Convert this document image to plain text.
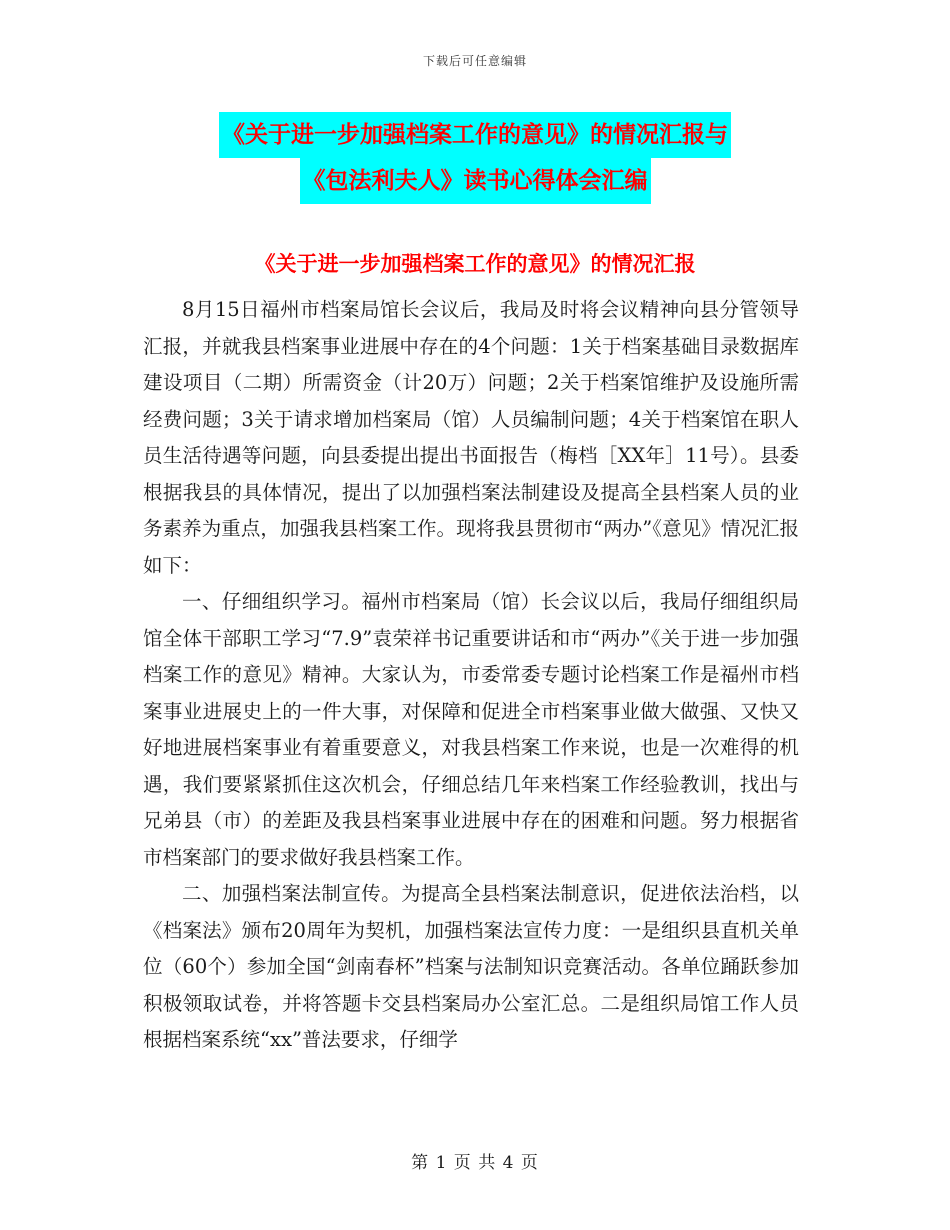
下载后可任意编辑
《关于进一步加强档案工作的意见》的情况汇报与
《包法利夫人》读书心得体会汇编
《关于进一步加强档案工作的意见》的情况汇报

8月15日福州市档案局馆长会议后，我局及时将会议精神向县分管领导汇报，并就我县档案事业进展中存在的4个问题：1关于档案基础目录数据库建设项目（二期）所需资金（计20万）问题；2关于档案馆维护及设施所需经费问题；3关于请求增加档案局（馆）人员编制问题；4关于档案馆在职人员生活待遇等问题，向县委提出提出书面报告（梅档［XX年］11号）。县委根据我县的具体情况，提出了以加强档案法制建设及提高全县档案人员的业务素养为重点，加强我县档案工作。现将我县贯彻市“两办”《意见》情况汇报如下：

一、仔细组织学习。福州市档案局（馆）长会议以后，我局仔细组织局馆全体干部职工学习“7.9”袁荣祥书记重要讲话和市“两办”《关于进一步加强档案工作的意见》精神。大家认为，市委常委专题讨论档案工作是福州市档案事业进展史上的一件大事，对保障和促进全市档案事业做大做强、又快又好地进展档案事业有着重要意义，对我县档案工作来说，也是一次难得的机遇，我们要紧紧抓住这次机会，仔细总结几年来档案工作经验教训，找出与兄弟县（市）的差距及我县档案事业进展中存在的困难和问题。努力根据省市档案部门的要求做好我县档案工作。

二、加强档案法制宣传。为提高全县档案法制意识，促进依法治档，以《档案法》颁布20周年为契机，加强档案法宣传力度：一是组织县直机关单位（60个）参加全国“剑南春杯”档案与法制知识竞赛活动。各单位踊跃参加积极领取试卷，并将答题卡交县档案局办公室汇总。二是组织局馆工作人员根据档案系统“xx”普法要求，仔细学

第 1 页 共 4 页
